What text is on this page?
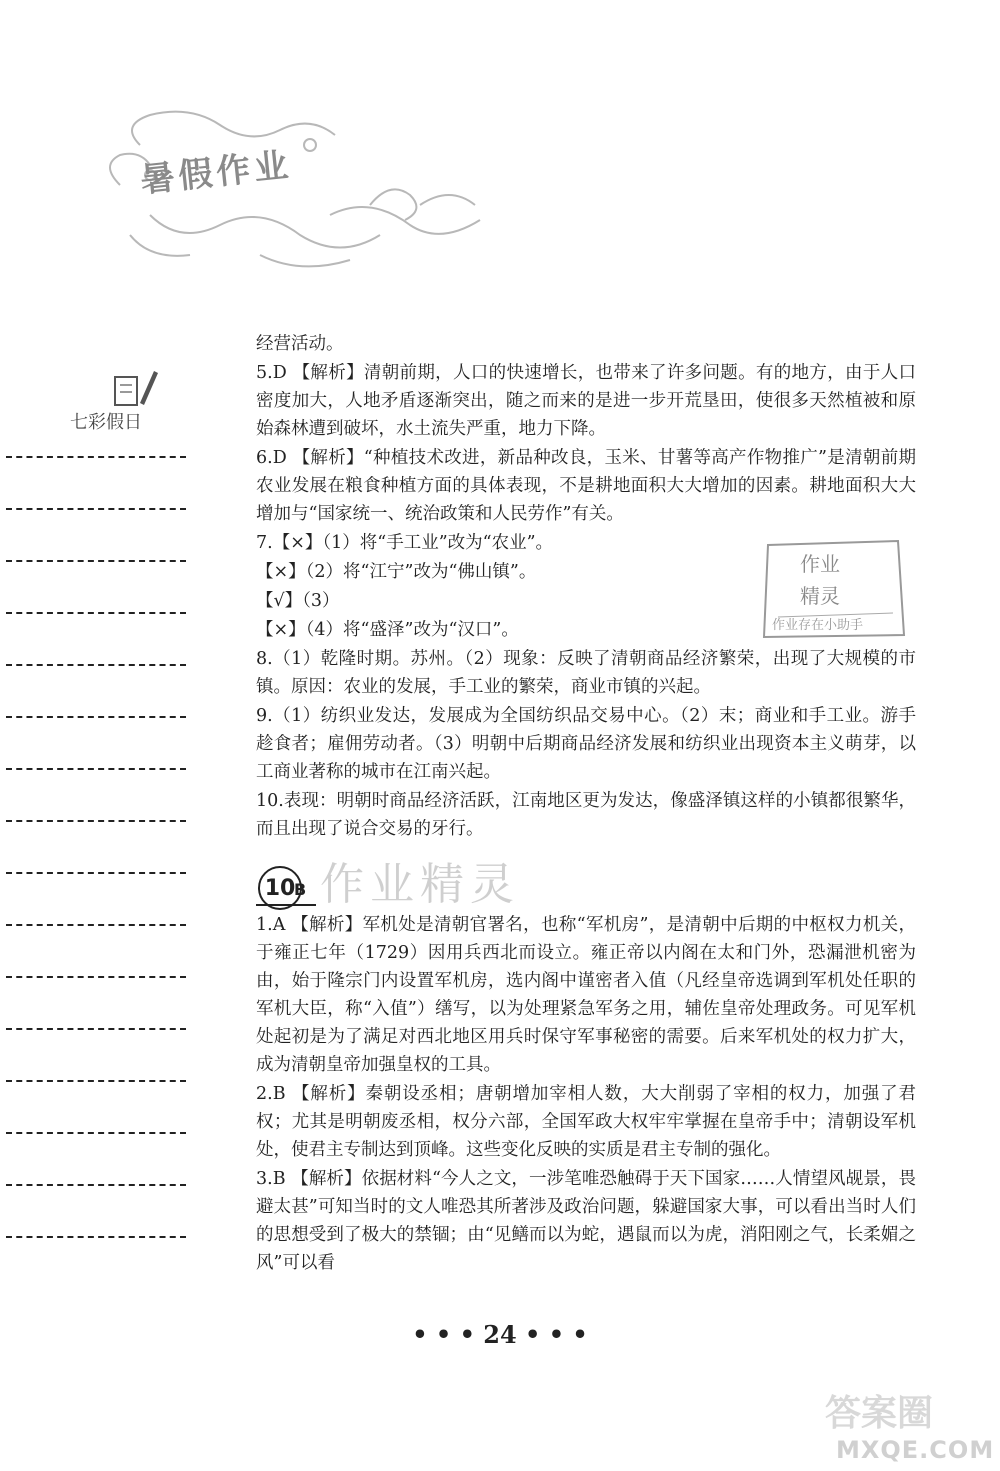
暑假作业
七彩假日

经营活动。

5.D 【解析】清朝前期，人口的快速增长，也带来了许多问题。有的地方，由于人口密度加大，人地矛盾逐渐突出，随之而来的是进一步开荒垦田，使很多天然植被和原始森林遭到破坏，水土流失严重，地力下降。

6.D 【解析】“种植技术改进，新品种改良，玉米、甘薯等高产作物推广”是清朝前期农业发展在粮食种植方面的具体表现，不是耕地面积大大增加的因素。耕地面积大大增加与“国家统一、统治政策和人民劳作”有关。

7.【×】（1）将“手工业”改为“农业”。

【×】（2）将“江宁”改为“佛山镇”。

【√】（3）

【×】（4）将“盛泽”改为“汉口”。

8.（1）乾隆时期。苏州。（2）现象：反映了清朝商品经济繁荣，出现了大规模的市镇。原因：农业的发展，手工业的繁荣，商业市镇的兴起。

9.（1）纺织业发达，发展成为全国纺织品交易中心。（2）末；商业和手工业。游手趁食者；雇佣劳动者。（3）明朝中后期商品经济发展和纺织业出现资本主义萌芽，以工商业著称的城市在江南兴起。

10.表现：明朝时商品经济活跃，江南地区更为发达，像盛泽镇这样的小镇都很繁华，而且出现了说合交易的牙行。

作业
精灵
作业存在小助手
作业精灵
10
B

1.A 【解析】军机处是清朝官署名，也称“军机房”，是清朝中后期的中枢权力机关，于雍正七年（1729）因用兵西北而设立。雍正帝以内阁在太和门外，恐漏泄机密为由，始于隆宗门内设置军机房，选内阁中谨密者入值（凡经皇帝选调到军机处任职的军机大臣，称“入值”）缮写，以为处理紧急军务之用，辅佐皇帝处理政务。可见军机处起初是为了满足对西北地区用兵时保守军事秘密的需要。后来军机处的权力扩大，成为清朝皇帝加强皇权的工具。

2.B 【解析】秦朝设丞相；唐朝增加宰相人数，大大削弱了宰相的权力，加强了君权；尤其是明朝废丞相，权分六部，全国军政大权牢牢掌握在皇帝手中；清朝设军机处，使君主专制达到顶峰。这些变化反映的实质是君主专制的强化。

3.B 【解析】依据材料“今人之文，一涉笔唯恐触碍于天下国家……人情望风觇景，畏避太甚”可知当时的文人唯恐其所著涉及政治问题，躲避国家大事，可以看出当时人们的思想受到了极大的禁锢；由“见鳝而以为蛇，遇鼠而以为虎，消阳刚之气，长柔媚之风”可以看

• • • 24 • • •
答案圈
MXQE.COM
